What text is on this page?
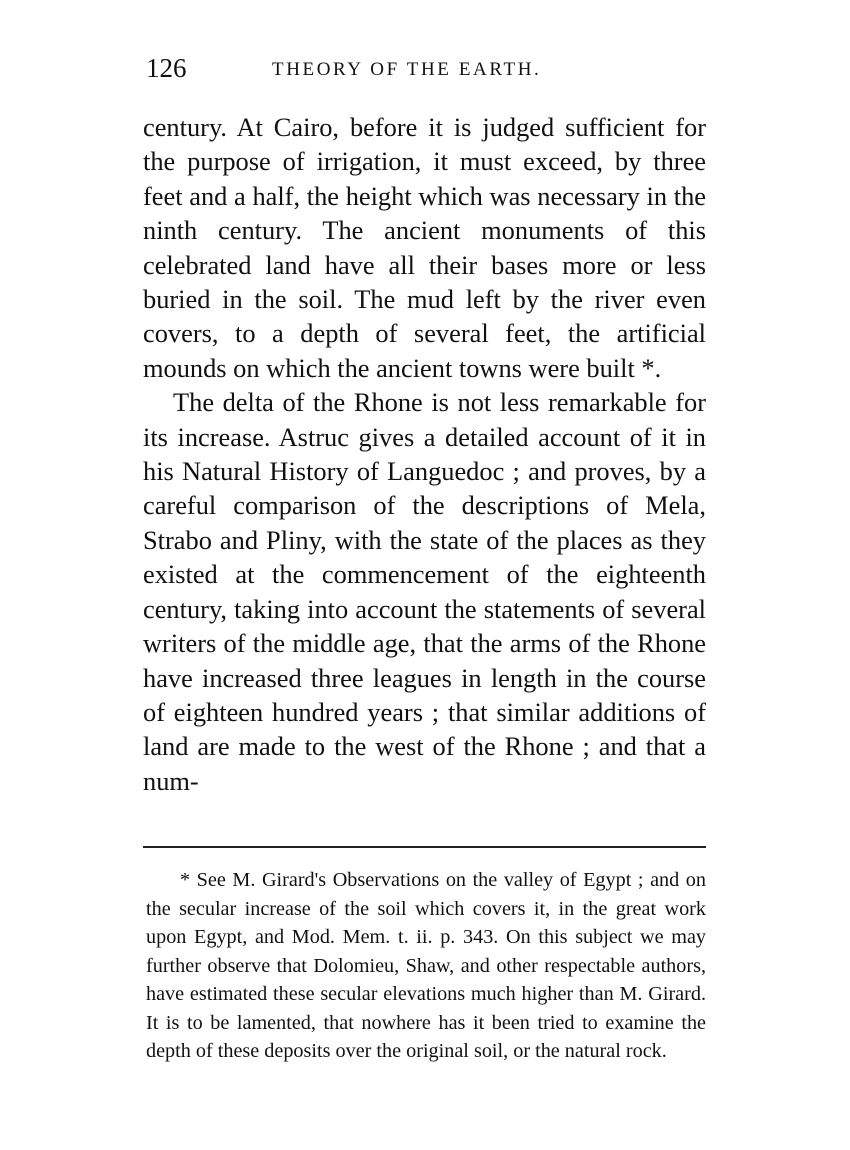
126	THEORY OF THE EARTH.

century. At Cairo, before it is judged sufficient for the purpose of irrigation, it must exceed, by three feet and a half, the height which was necessary in the ninth century. The ancient monuments of this celebrated land have all their bases more or less buried in the soil. The mud left by the river even covers, to a depth of several feet, the artificial mounds on which the ancient towns were built *.

The delta of the Rhone is not less remarkable for its increase. Astruc gives a detailed account of it in his Natural History of Languedoc ; and proves, by a careful comparison of the descriptions of Mela, Strabo and Pliny, with the state of the places as they existed at the commencement of the eighteenth century, taking into account the statements of several writers of the middle age, that the arms of the Rhone have increased three leagues in length in the course of eighteen hundred years ; that similar additions of land are made to the west of the Rhone ; and that a num-

* See M. Girard's Observations on the valley of Egypt ; and on the secular increase of the soil which covers it, in the great work upon Egypt, and Mod. Mem. t. ii. p. 343. On this subject we may further observe that Dolomieu, Shaw, and other respectable authors, have estimated these secular elevations much higher than M. Girard. It is to be lamented, that nowhere has it been tried to examine the depth of these deposits over the original soil, or the natural rock.
